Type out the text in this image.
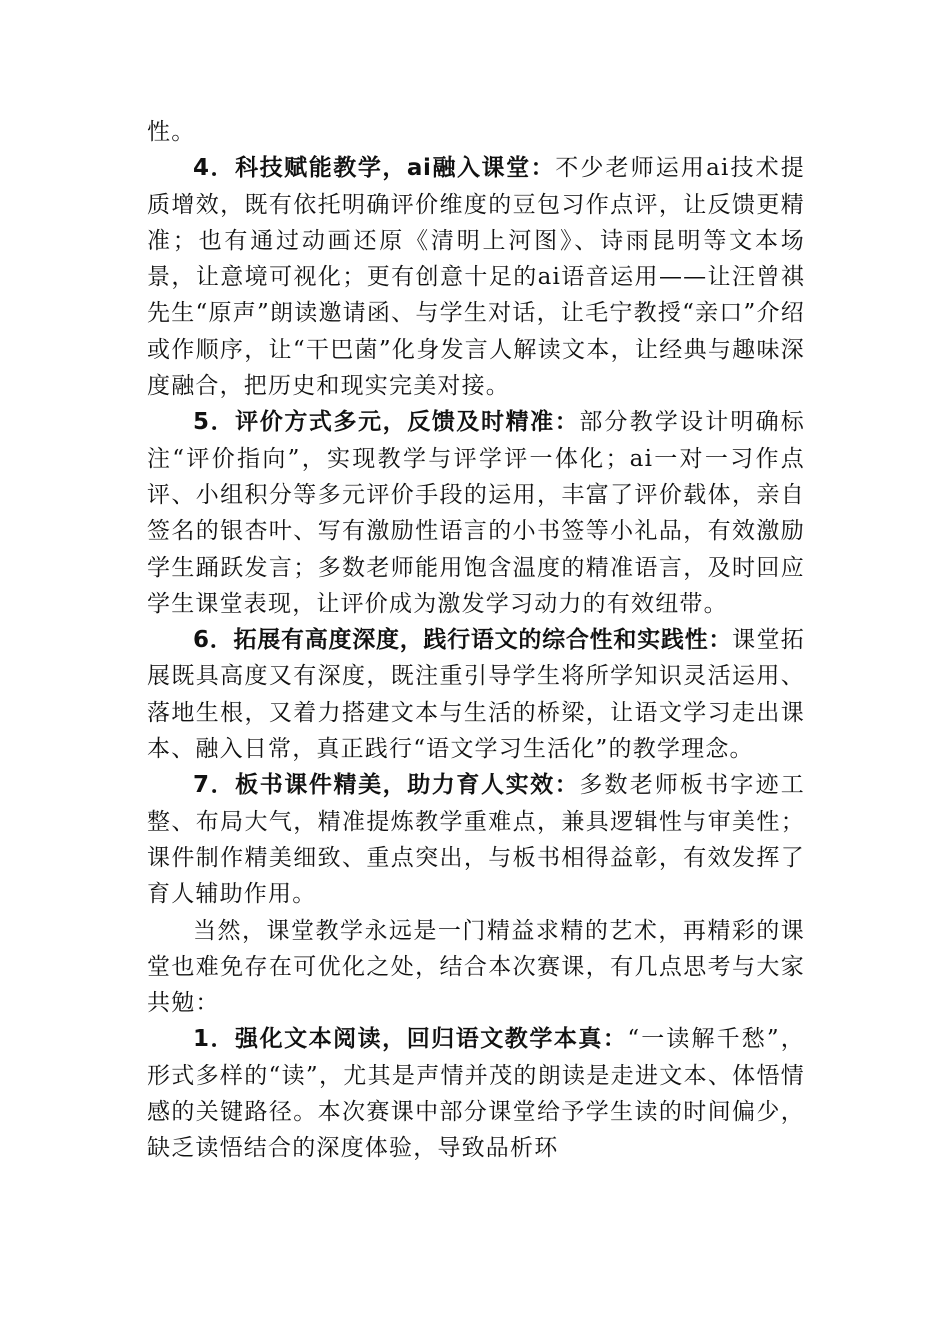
性。

4．科技赋能教学，ai融入课堂：不少老师运用ai技术提质增效，既有依托明确评价维度的豆包习作点评，让反馈更精准；也有通过动画还原《清明上河图》、诗雨昆明等文本场景，让意境可视化；更有创意十足的ai语音运用——让汪曾祺先生“原声”朗读邀请函、与学生对话，让毛宁教授“亲口”介绍或作顺序，让“干巴菌”化身发言人解读文本，让经典与趣味深度融合，把历史和现实完美对接。

5．评价方式多元，反馈及时精准：部分教学设计明确标注“评价指向”，实现教学与评学评一体化；ai一对一习作点评、小组积分等多元评价手段的运用，丰富了评价载体，亲自签名的银杏叶、写有激励性语言的小书签等小礼品，有效激励学生踊跃发言；多数老师能用饱含温度的精准语言，及时回应学生课堂表现，让评价成为激发学习动力的有效纽带。

6．拓展有高度深度，践行语文的综合性和实践性：课堂拓展既具高度又有深度，既注重引导学生将所学知识灵活运用、落地生根，又着力搭建文本与生活的桥梁，让语文学习走出课本、融入日常，真正践行“语文学习生活化”的教学理念。

7．板书课件精美，助力育人实效：多数老师板书字迹工整、布局大气，精准提炼教学重难点，兼具逻辑性与审美性；课件制作精美细致、重点突出，与板书相得益彰，有效发挥了育人辅助作用。

当然，课堂教学永远是一门精益求精的艺术，再精彩的课堂也难免存在可优化之处，结合本次赛课，有几点思考与大家共勉：

1．强化文本阅读，回归语文教学本真：“一读解千愁”，形式多样的“读”，尤其是声情并茂的朗读是走进文本、体悟情感的关键路径。本次赛课中部分课堂给予学生读的时间偏少，缺乏读悟结合的深度体验，导致品析环
